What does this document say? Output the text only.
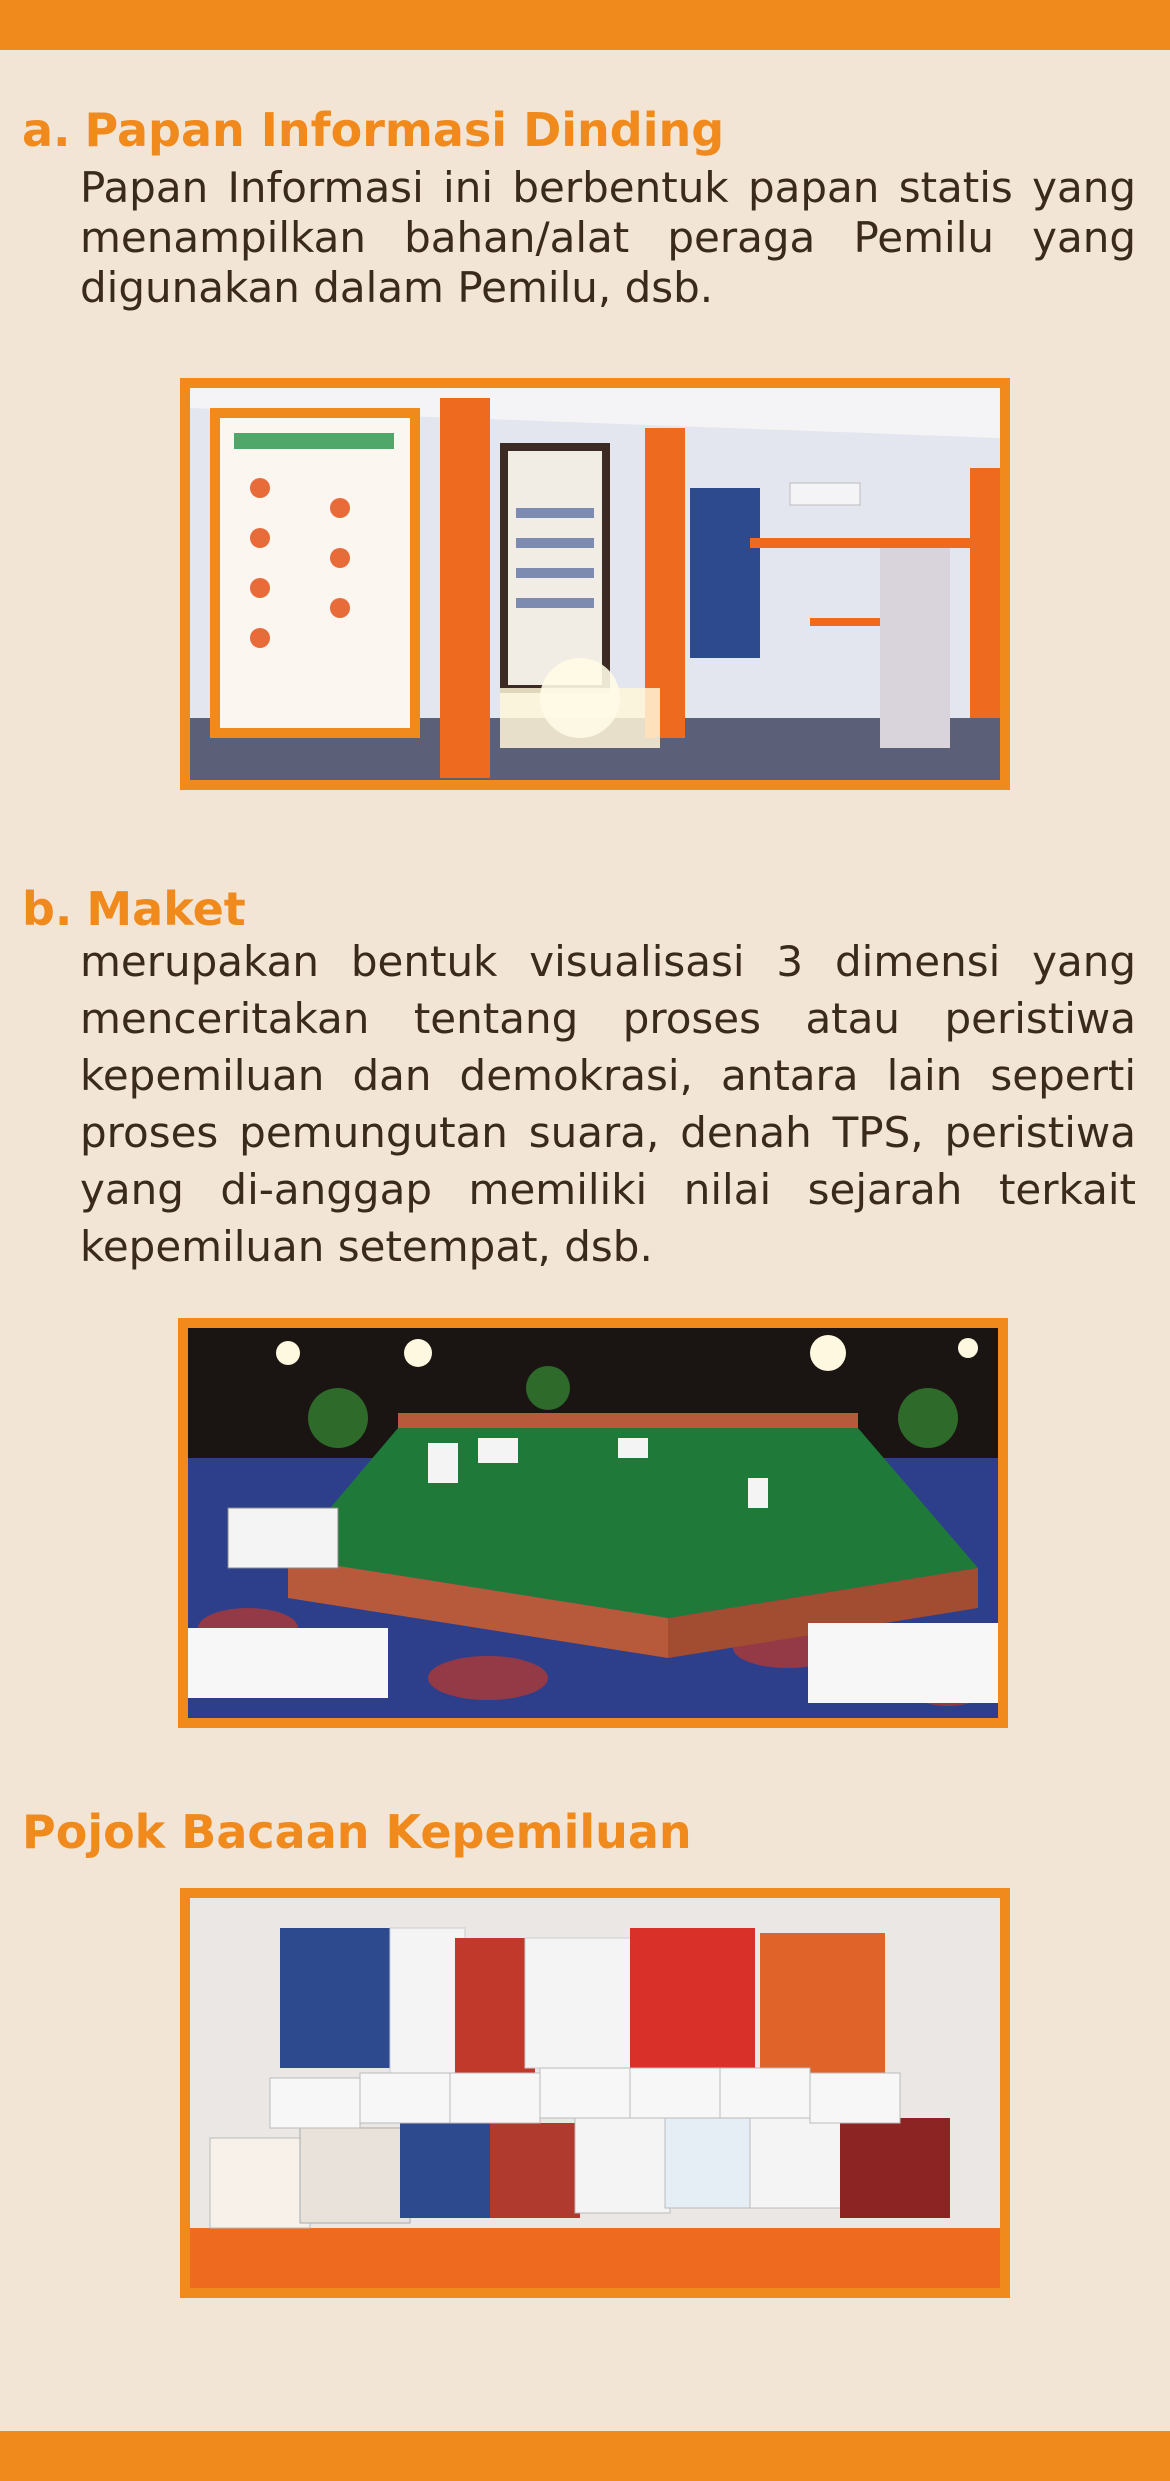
a. Papan Informasi Dinding
Papan Informasi ini berbentuk papan statis yang menampilkan bahan/alat peraga Pemilu yang digunakan dalam Pemilu, dsb.
b. Maket
merupakan bentuk visualisasi 3 dimensi yang menceritakan tentang proses atau peristiwa kepemiluan dan demokrasi, antara lain seperti proses pemungutan suara, denah TPS, peristiwa yang di-anggap memiliki nilai sejarah terkait kepemiluan setempat, dsb.
Pojok Bacaan Kepemiluan
